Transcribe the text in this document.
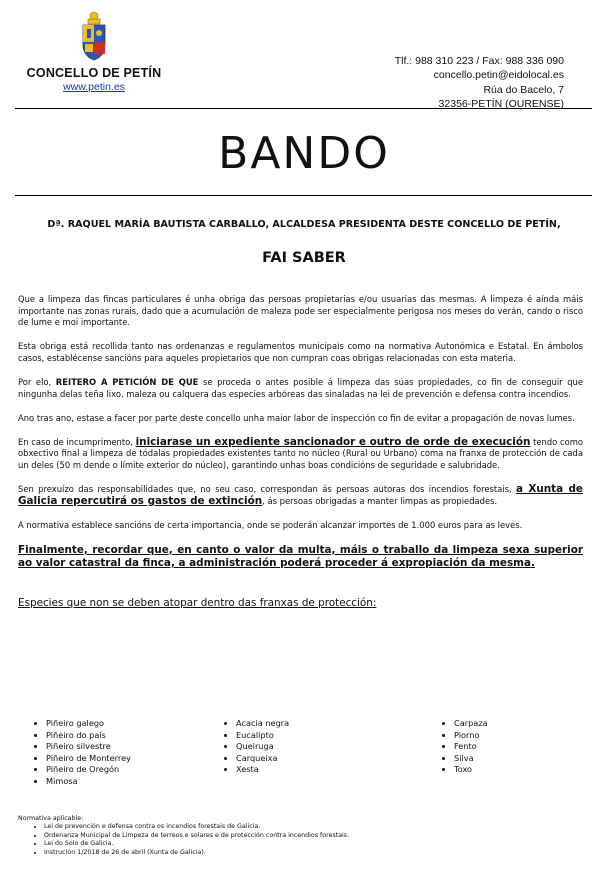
CONCELLO DE PETÍN
www.petin.es
Tlf.: 988 310 223 / Fax: 988 336 090
concello.petin@eidolocal.es
Rúa do Bacelo, 7
32356-PETÍN (OURENSE)
BANDO
Dª. RAQUEL MARÍA BAUTISTA CARBALLO, ALCALDESA PRESIDENTA DESTE CONCELLO DE PETÍN,
FAI SABER

Que a limpeza das fincas particulares é unha obriga das persoas propietarias e/ou usuarias das mesmas. A limpeza é aínda máis importante nas zonas rurais, dado que a acumulación de maleza pode ser especialmente perigosa nos meses do verán, cando o risco de lume e moi importante.

Esta obriga está recollida tanto nas ordenanzas e regulamentos municipais como na normativa Autonómica e Estatal. En ámbolos casos, establécense sancións para aqueles propietarios que non cumpran coas obrigas relacionadas con esta materia.

Por elo, REITERO A PETICIÓN DE QUE se proceda o antes posible á limpeza das súas propiedades, co fin de conseguir que ningunha delas teña lixo, maleza ou calquera das especies arbóreas das sinaladas na lei de prevención e defensa contra incendios.

Ano tras ano, estase a facer por parte deste concello unha maior labor de inspección co fin de evitar a propagación de novas lumes.

En caso de incumprimento, iniciarase un expediente sancionador e outro de orde de execución tendo como obxectivo final a limpeza de tódalas propiedades existentes tanto no núcleo (Rural ou Urbano) coma na franxa de protección de cada un deles (50 m dende o límite exterior do núcleo), garantindo unhas boas condicións de seguridade e salubridade.

Sen prexuízo das responsabilidades que, no seu caso, correspondan ás persoas autoras dos incendios forestais, a Xunta de Galicia repercutirá os gastos de extinción, ás persoas obrigadas a manter limpas as propiedades.

A normativa establece sancións de certa importancia, onde se poderán alcanzar importes de 1.000 euros para as leves.

Finalmente, recordar que, en canto o valor da multa, máis o traballo da limpeza sexa superior ao valor catastral da finca, a administración poderá proceder á expropiación da mesma.

Especies que non se deben atopar dentro das franxas de protección:

• Piñeiro galego
• Piñeiro do país
• Piñeiro silvestre
• Piñeiro de Monterrey
• Piñeiro de Oregón
• Mimosa
• Acacia negra
• Eucalipto
• Queiruga
• Carqueixa
• Xesta
• Carpaza
• Piorno
• Fento
• Silva
• Toxo
Normativa aplicable:
• Lei de prevención e defensa contra os incendios forestais de Galicia.
• Ordenanza Municipal de Limpeza de terreos e solares e de protección contra incendios forestais.
• Lei do Solo de Galicia.
• Instrución 1/2018 de 26 de abril (Xunta de Galicia).
